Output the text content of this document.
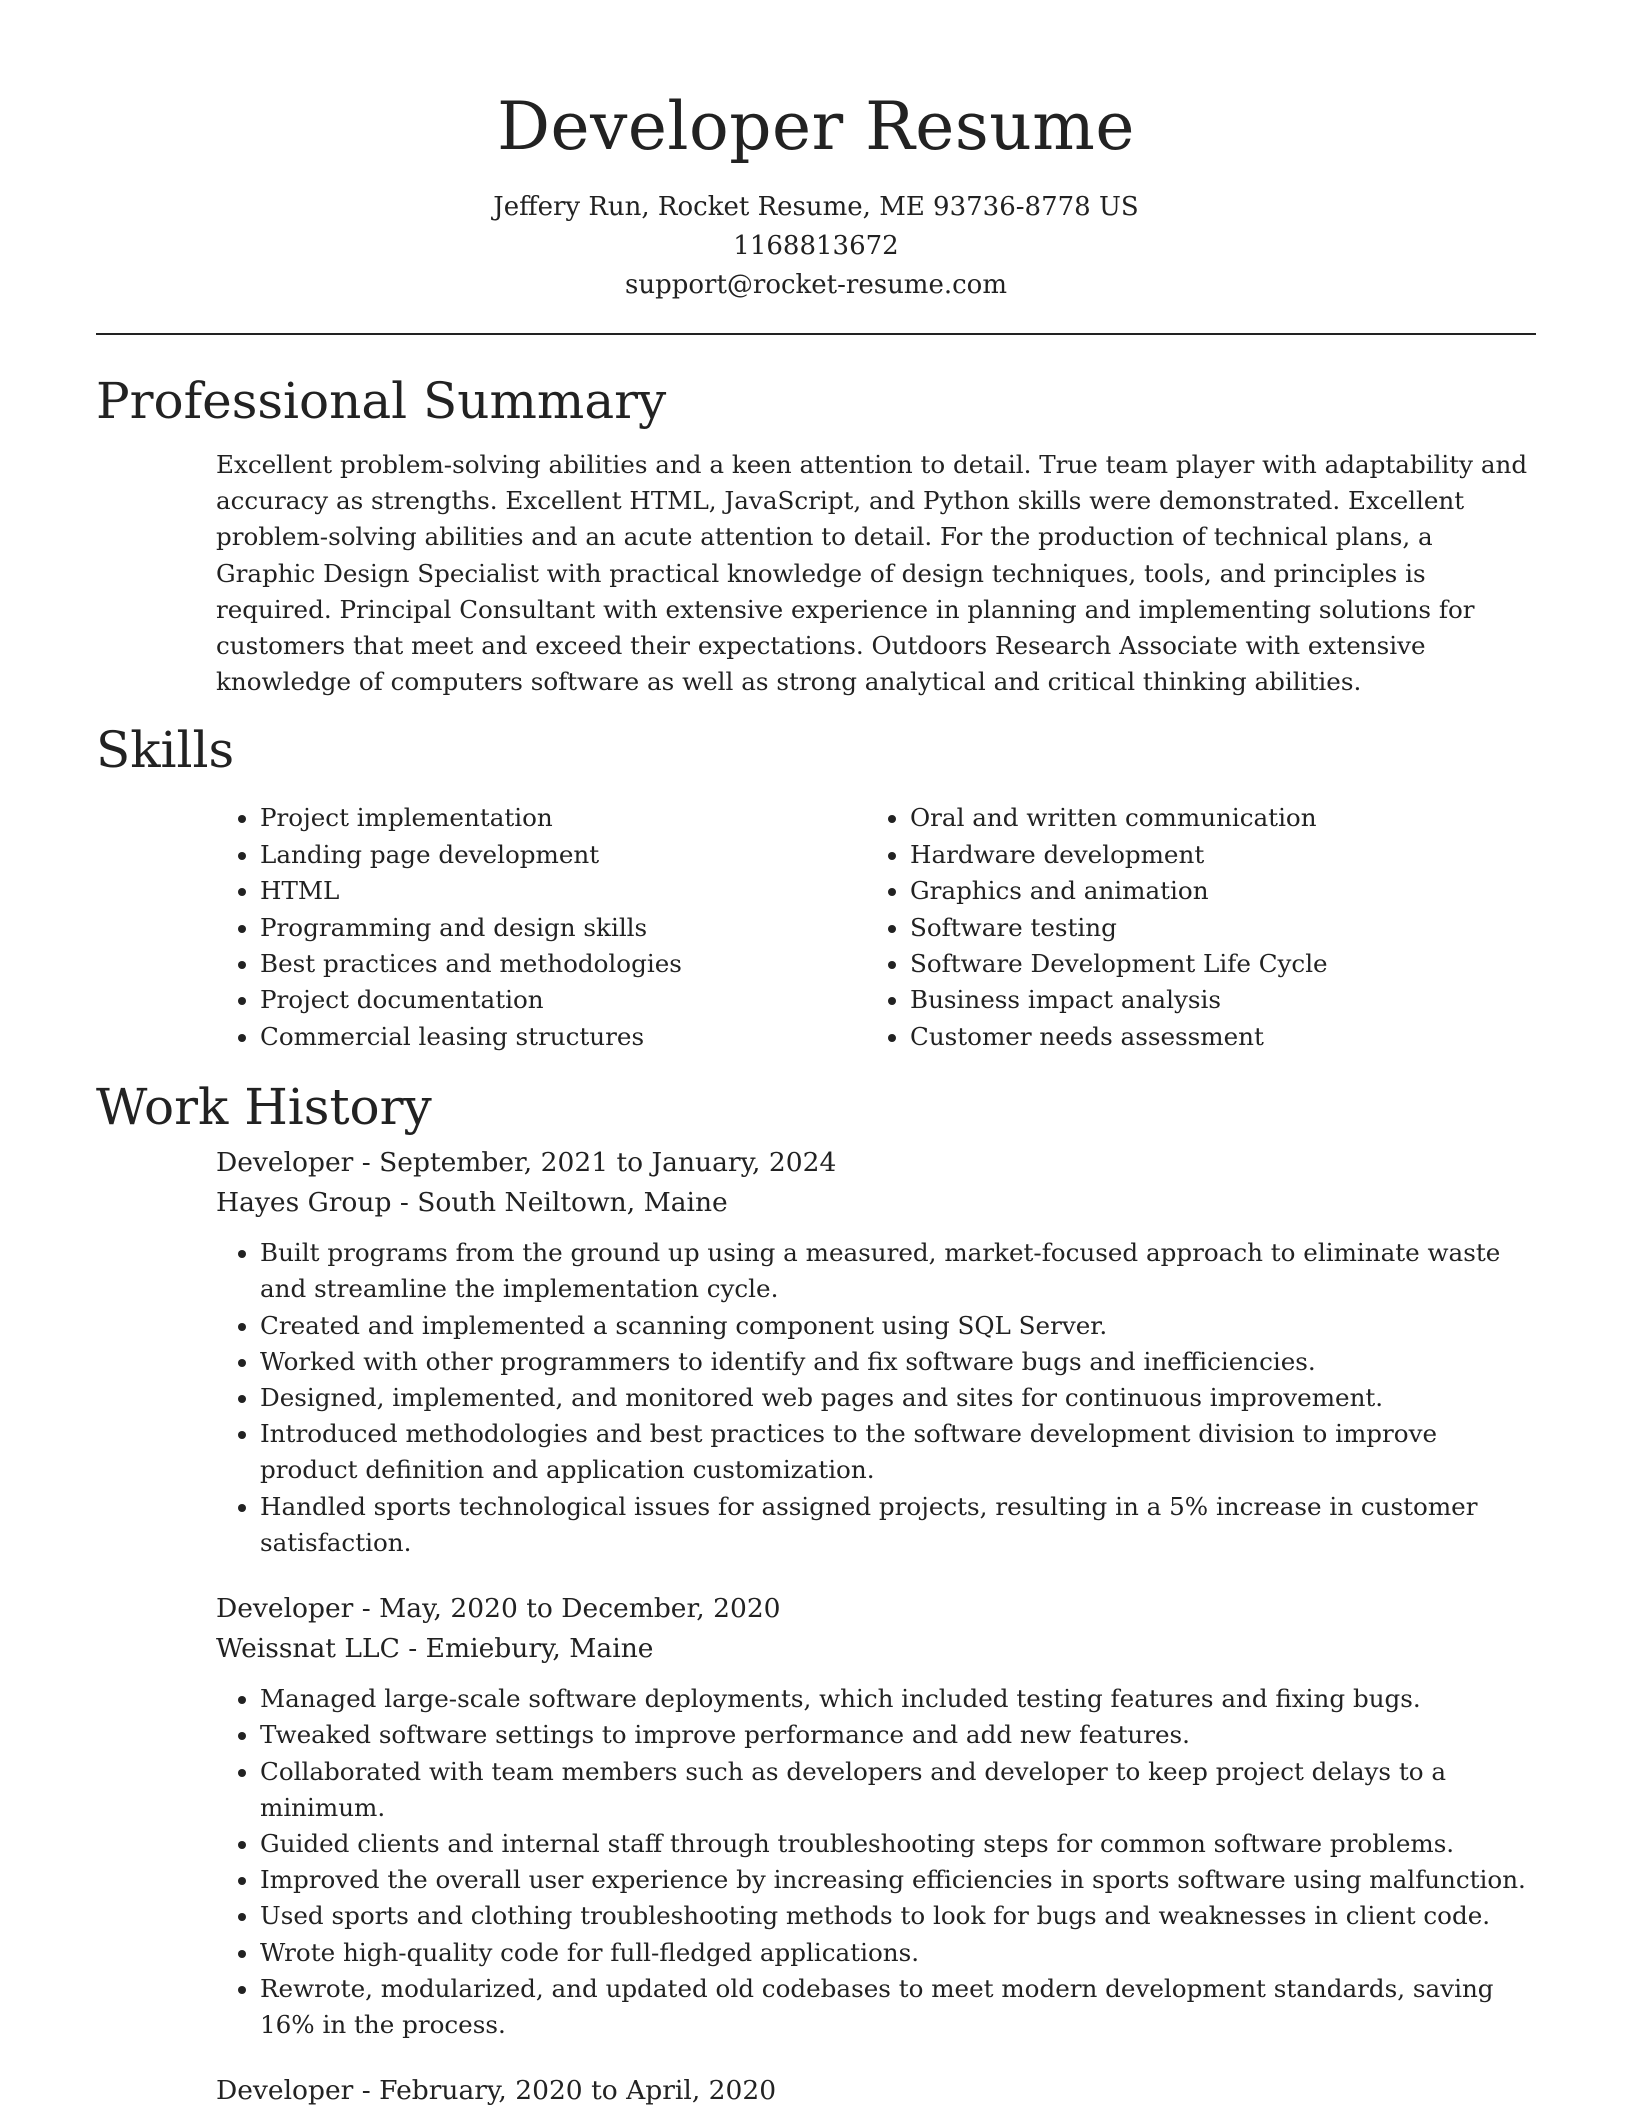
Developer Resume
Jeffery Run, Rocket Resume, ME 93736-8778 US
1168813672
support@rocket-resume.com
Professional Summary

Excellent problem-solving abilities and a keen attention to detail. True team player with adaptability and accuracy as strengths. Excellent HTML, JavaScript, and Python skills were demonstrated. Excellent problem-solving abilities and an acute attention to detail. For the production of technical plans, a Graphic Design Specialist with practical knowledge of design techniques, tools, and principles is required. Principal Consultant with extensive experience in planning and implementing solutions for customers that meet and exceed their expectations. Outdoors Research Associate with extensive knowledge of computers software as well as strong analytical and critical thinking abilities.

Skills
• Project implementation
• Landing page development
• HTML
• Programming and design skills
• Best practices and methodologies
• Project documentation
• Commercial leasing structures
• Oral and written communication
• Hardware development
• Graphics and animation
• Software testing
• Software Development Life Cycle
• Business impact analysis
• Customer needs assessment
Work History
Developer - September, 2021 to January, 2024
Hayes Group - South Neiltown, Maine
• Built programs from the ground up using a measured, market-focused approach to eliminate waste and streamline the implementation cycle.
• Created and implemented a scanning component using SQL Server.
• Worked with other programmers to identify and fix software bugs and inefficiencies.
• Designed, implemented, and monitored web pages and sites for continuous improvement.
• Introduced methodologies and best practices to the software development division to improve product definition and application customization.
• Handled sports technological issues for assigned projects, resulting in a 5% increase in customer satisfaction.
Developer - May, 2020 to December, 2020
Weissnat LLC - Emiebury, Maine
• Managed large-scale software deployments, which included testing features and fixing bugs.
• Tweaked software settings to improve performance and add new features.
• Collaborated with team members such as developers and developer to keep project delays to a minimum.
• Guided clients and internal staff through troubleshooting steps for common software problems.
• Improved the overall user experience by increasing efficiencies in sports software using malfunction.
• Used sports and clothing troubleshooting methods to look for bugs and weaknesses in client code.
• Wrote high-quality code for full-fledged applications.
• Rewrote, modularized, and updated old codebases to meet modern development standards, saving 16% in the process.
Developer - February, 2020 to April, 2020
